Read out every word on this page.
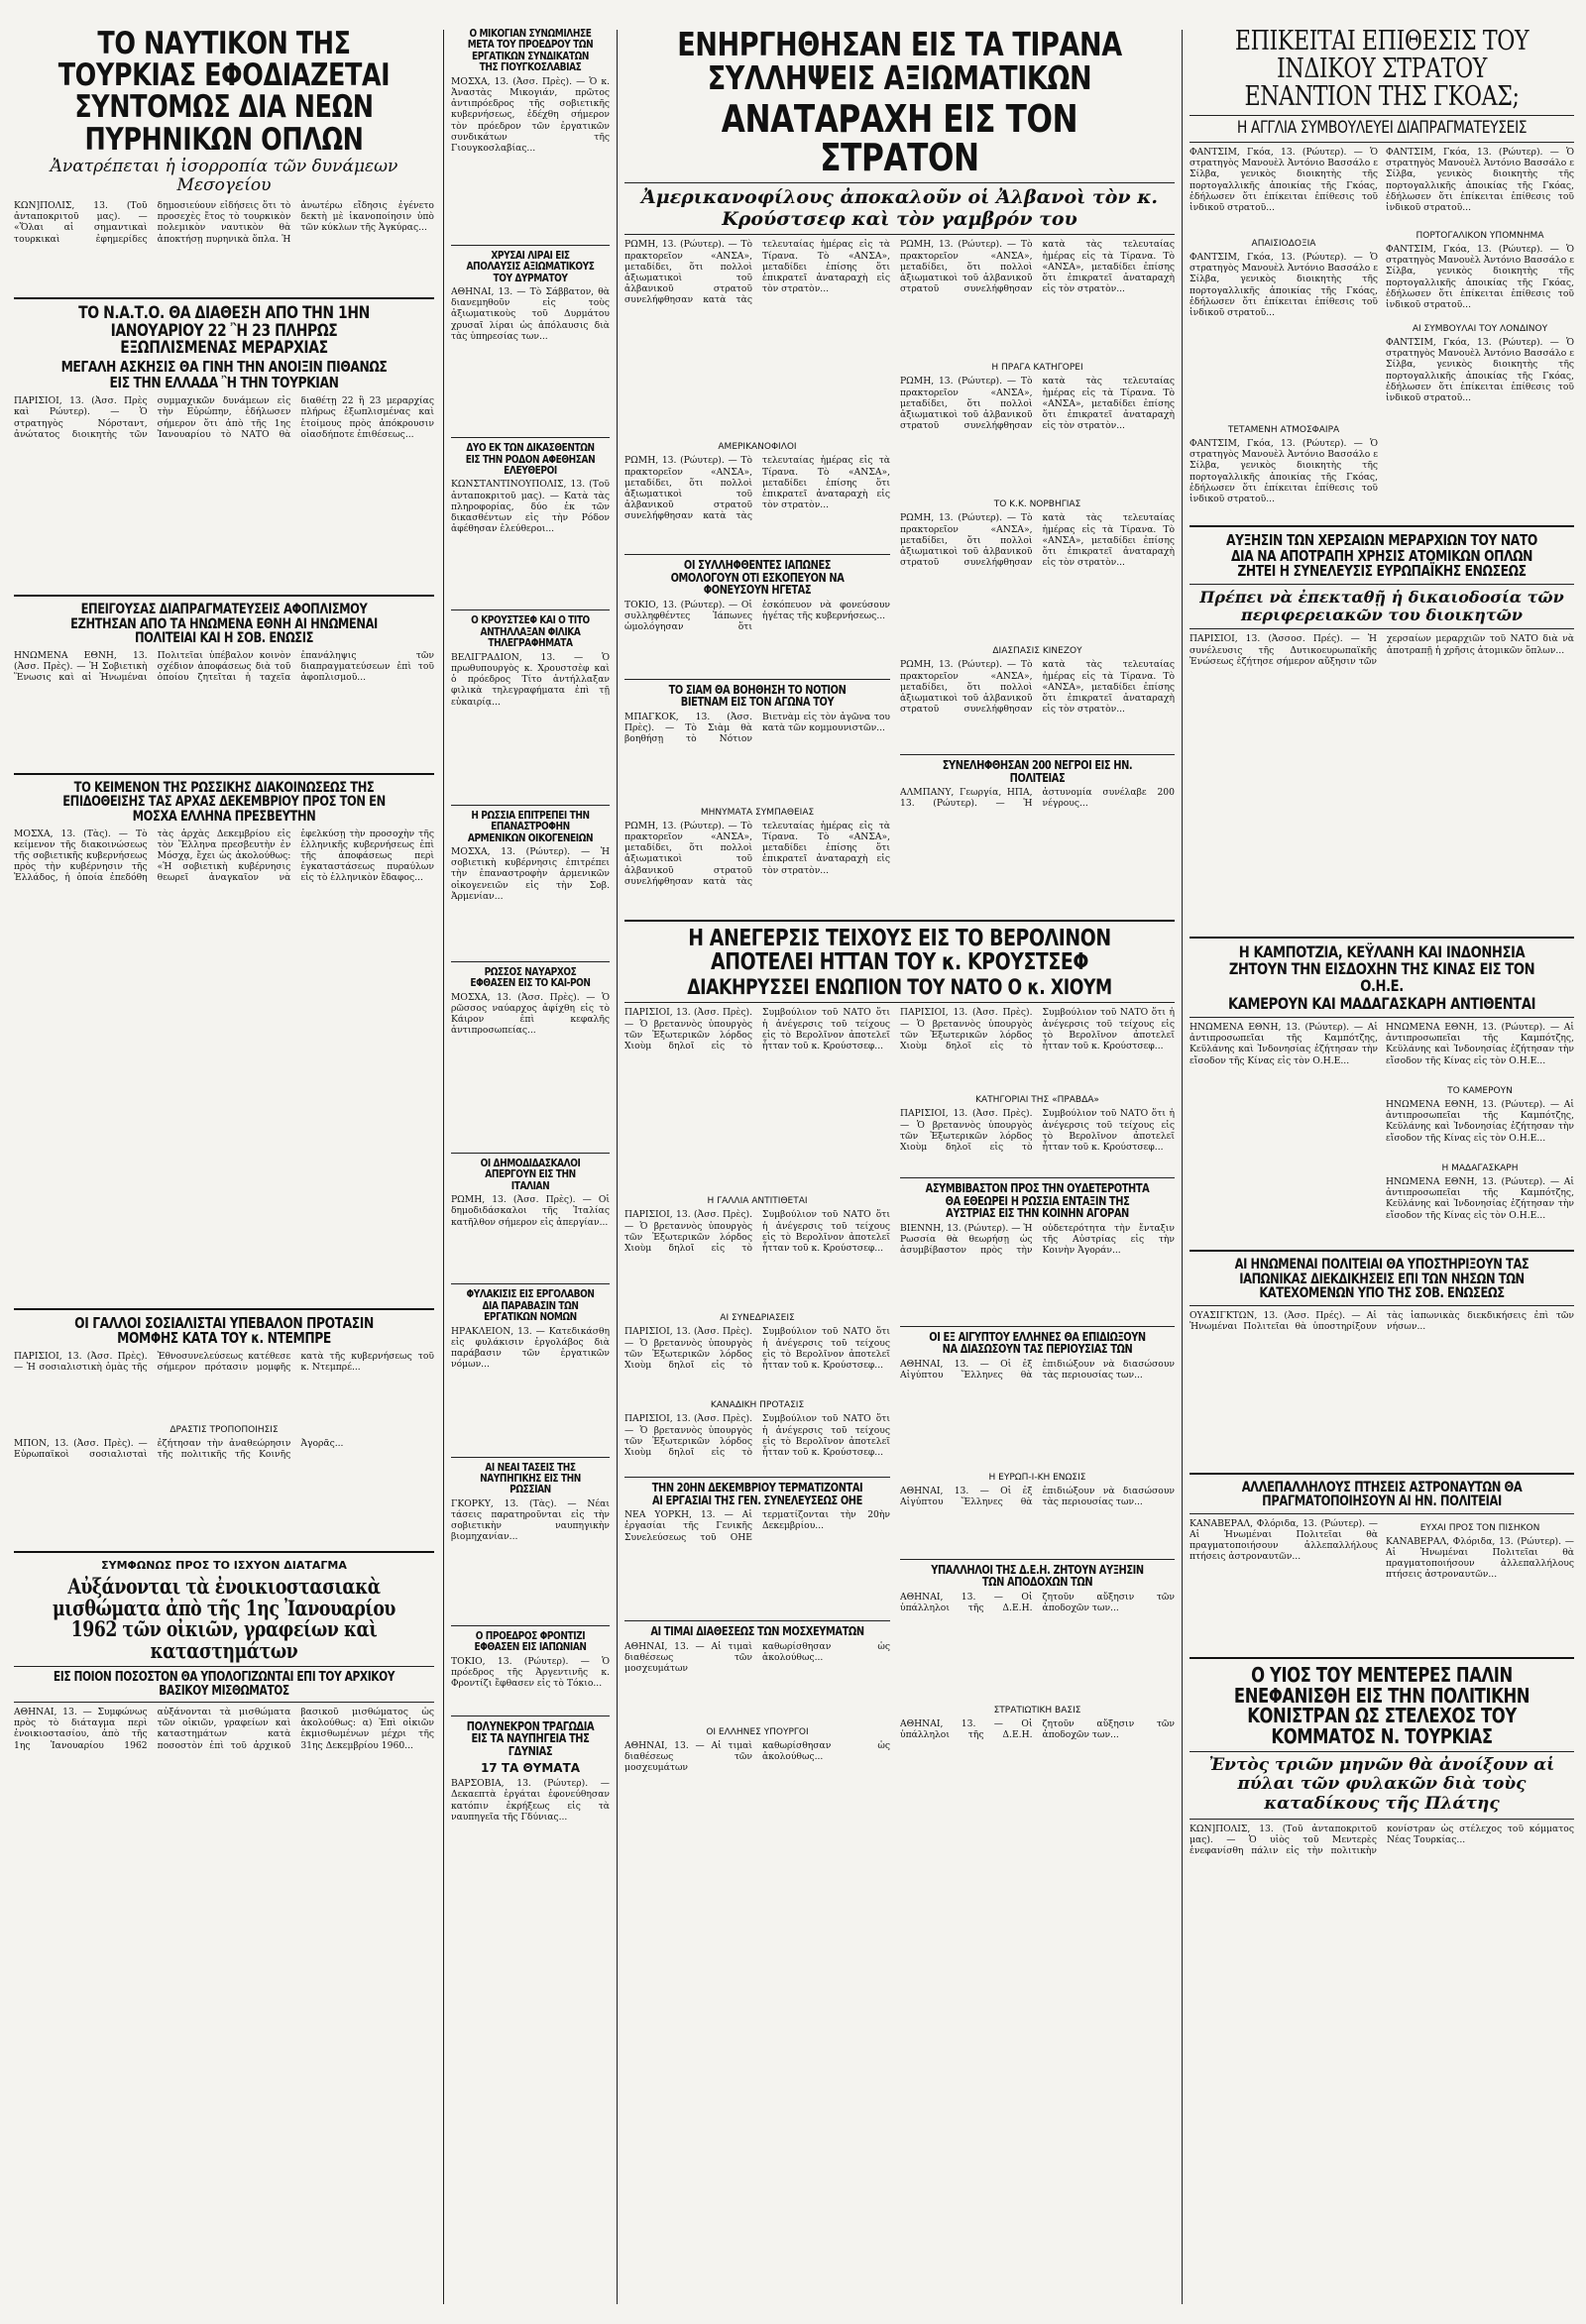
ΤΟ ΝΑΥΤΙΚΟΝ ΤΗΣ ΤΟΥΡΚΙΑΣ ΕΦΟΔΙΑΖΕΤΑΙ ΣΥΝΤΟΜΩΣ ΔΙΑ ΝΕΩΝ ΠΥΡΗΝΙΚΩΝ ΟΠΛΩΝ
Ἀνατρέπεται ἡ ἰσορροπία τῶν δυνάμεων Μεσογείου

ΚΩΝ]ΠΟΛΙΣ, 13. (Τοῦ ἀνταποκριτοῦ μας). — «Ὅλαι αἱ σημαντικαὶ τουρκικαὶ ἐφημερίδες δημοσιεύουν εἰδήσεις ὅτι τὸ προσεχὲς ἔτος τὸ τουρκικὸν πολεμικὸν ναυτικὸν θὰ ἀποκτήσῃ πυρηνικὰ ὅπλα. Ἡ ἀνωτέρω εἴδησις ἐγένετο δεκτὴ μὲ ἱκανοποίησιν ὑπὸ τῶν κύκλων τῆς Ἀγκύρας...

ΤΟ Ν.Α.Τ.Ο. ΘΑ ΔΙΑΘΕΣΗ ΑΠΟ ΤΗΝ 1ΗΝ ΙΑΝΟΥΑΡΙΟΥ 22 Ἢ 23 ΠΛΗΡΩΣ ΕΞΩΠΛΙΣΜΕΝΑΣ ΜΕΡΑΡΧΙΑΣ
ΜΕΓΑΛΗ ΑΣΚΗΣΙΣ ΘΑ ΓΙΝΗ ΤΗΝ ΑΝΟΙΞΙΝ ΠΙΘΑΝΩΣ ΕΙΣ ΤΗΝ ΕΛΛΑΔΑ Ἢ ΤΗΝ ΤΟΥΡΚΙΑΝ

ΠΑΡΙΣΙΟΙ, 13. (Ἀσσ. Πρὲς καὶ Ρώυτερ). — Ὁ στρατηγὸς Νόρσταντ, ἀνώτατος διοικητὴς τῶν συμμαχικῶν δυνάμεων εἰς τὴν Εὐρώπην, ἐδήλωσεν σήμερον ὅτι ἀπὸ τῆς 1ης Ἰανουαρίου τὸ ΝΑΤΟ θὰ διαθέτῃ 22 ἢ 23 μεραρχίας πλήρως ἐξωπλισμένας καὶ ἑτοίμους πρὸς ἀπόκρουσιν οἱασδήποτε ἐπιθέσεως...

ΕΠΕΙΓΟΥΣΑΣ ΔΙΑΠΡΑΓΜΑΤΕΥΣΕΙΣ ΑΦΟΠΛΙΣΜΟΥ ΕΖΗΤΗΣΑΝ ΑΠΟ ΤΑ ΗΝΩΜΕΝΑ ΕΘΝΗ ΑΙ ΗΝΩΜΕΝΑΙ ΠΟΛΙΤΕΙΑΙ ΚΑΙ Η ΣΟΒ. ΕΝΩΣΙΣ

ΗΝΩΜΕΝΑ ΕΘΝΗ, 13. (Ἀσσ. Πρὲς). — Ἡ Σοβιετικὴ Ἕνωσις καὶ αἱ Ἡνωμέναι Πολιτεῖαι ὑπέβαλον κοινὸν σχέδιον ἀποφάσεως διὰ τοῦ ὁποίου ζητεῖται ἡ ταχεῖα ἐπανάληψις τῶν διαπραγματεύσεων ἐπὶ τοῦ ἀφοπλισμοῦ...

ΤΟ ΚΕΙΜΕΝΟΝ ΤΗΣ ΡΩΣΣΙΚΗΣ ΔΙΑΚΟΙΝΩΣΕΩΣ ΤΗΣ ΕΠΙΔΟΘΕΙΣΗΣ ΤΑΣ ΑΡΧΑΣ ΔΕΚΕΜΒΡΙΟΥ ΠΡΟΣ ΤΟΝ ΕΝ ΜΟΣΧΑ ΕΛΛΗΝΑ ΠΡΕΣΒΕΥΤΗΝ

ΜΟΣΧΑ, 13. (Τὰς). — Τὸ κείμενον τῆς διακοινώσεως τῆς σοβιετικῆς κυβερνήσεως πρὸς τὴν κυβέρνησιν τῆς Ἑλλάδος, ἡ ὁποία ἐπεδόθη τὰς ἀρχὰς Δεκεμβρίου εἰς τὸν Ἕλληνα πρεσβευτὴν ἐν Μόσχᾳ, ἔχει ὡς ἀκολούθως: «Ἡ σοβιετικὴ κυβέρνησις θεωρεῖ ἀναγκαῖον νὰ ἐφελκύσῃ τὴν προσοχὴν τῆς ἑλληνικῆς κυβερνήσεως ἐπὶ τῆς ἀποφάσεως περὶ ἐγκαταστάσεως πυραύλων εἰς τὸ ἑλληνικὸν ἔδαφος...

ΟΙ ΓΑΛΛΟΙ ΣΟΣΙΑΛΙΣΤΑΙ ΥΠΕΒΑΛΟΝ ΠΡΟΤΑΣΙΝ ΜΟΜΦΗΣ ΚΑΤΑ ΤΟΥ κ. ΝΤΕΜΠΡΕ

ΠΑΡΙΣΙΟΙ, 13. (Ἀσσ. Πρὲς). — Ἡ σοσιαλιστικὴ ὁμὰς τῆς Ἐθνοσυνελεύσεως κατέθεσε σήμερον πρότασιν μομφῆς κατὰ τῆς κυβερνήσεως τοῦ κ. Ντεμπρέ...

ΔΡΑΣΤΙΣ ΤΡΟΠΟΠΟΙΗΣΙΣ

ΜΠΟΝ, 13. (Ἀσσ. Πρὲς). — Εὐρωπαϊκοὶ σοσιαλισταὶ ἐζήτησαν τὴν ἀναθεώρησιν τῆς πολιτικῆς τῆς Κοινῆς Ἀγορᾶς...

ΣΥΜΦΩΝΩΣ ΠΡΟΣ ΤΟ ΙΣΧΥΟΝ ΔΙΑΤΑΓΜΑ
Αὐξάνονται τὰ ἐνοικιοστασιακὰ μισθώματα ἀπὸ τῆς 1ης Ἰανουαρίου 1962 τῶν οἰκιῶν, γραφείων καὶ καταστημάτων
ΕΙΣ ΠΟΙΟΝ ΠΟΣΟΣΤΟΝ ΘΑ ΥΠΟΛΟΓΙΖΩΝΤΑΙ ΕΠΙ ΤΟΥ ΑΡΧΙΚΟΥ ΒΑΣΙΚΟΥ ΜΙΣΘΩΜΑΤΟΣ

ΑΘΗΝΑΙ, 13. — Συμφώνως πρὸς τὸ διάταγμα περὶ ἐνοικιοστασίου, ἀπὸ τῆς 1ης Ἰανουαρίου 1962 αὐξάνονται τὰ μισθώματα τῶν οἰκιῶν, γραφείων καὶ καταστημάτων κατὰ ποσοστὸν ἐπὶ τοῦ ἀρχικοῦ βασικοῦ μισθώματος ὡς ἀκολούθως: α) Ἐπὶ οἰκιῶν ἐκμισθωμένων μέχρι τῆς 31ης Δεκεμβρίου 1960...

Ο ΜΙΚΟΓΙΑΝ ΣΥΝΩΜΙΛΗΣΕ ΜΕΤΑ ΤΟΥ ΠΡΟΕΔΡΟΥ ΤΩΝ ΕΡΓΑΤΙΚΩΝ ΣΥΝΔΙΚΑΤΩΝ ΤΗΣ ΓΙΟΥΓΚΟΣΛΑΒΙΑΣ

ΜΟΣΧΑ, 13. (Ἀσσ. Πρὲς). — Ὁ κ. Ἀναστὰς Μικογιάν, πρῶτος ἀντιπρόεδρος τῆς σοβιετικῆς κυβερνήσεως, ἐδέχθη σήμερον τὸν πρόεδρον τῶν ἐργατικῶν συνδικάτων τῆς Γιουγκοσλαβίας...

ΧΡΥΣΑΙ ΛΙΡΑΙ ΕΙΣ ΑΠΟΛΑΥΣΙΣ ΑΞΙΩΜΑΤΙΚΟΥΣ ΤΟΥ ΔΥΡΜΑΤΟΥ

ΑΘΗΝΑΙ, 13. — Τὸ Σάββατον, θὰ διανεμηθοῦν εἰς τοὺς ἀξιωματικοὺς τοῦ Δυρμάτου χρυσαῖ λίραι ὡς ἀπόλαυσις διὰ τὰς ὑπηρεσίας των...

ΔΥΟ ΕΚ ΤΩΝ ΔΙΚΑΣΘΕΝΤΩΝ ΕΙΣ ΤΗΝ ΡΟΔΟΝ ΑΦΕΘΗΣΑΝ ΕΛΕΥΘΕΡΟΙ

ΚΩΝΣΤΑΝΤΙΝΟΥΠΟΛΙΣ, 13. (Τοῦ ἀνταποκριτοῦ μας). — Κατὰ τὰς πληροφορίας, δύο ἐκ τῶν δικασθέντων εἰς τὴν Ρόδον ἀφέθησαν ἐλεύθεροι...

Ο ΚΡΟΥΣΤΣΕΦ ΚΑΙ Ο ΤΙΤΟ ΑΝΤΗΛΛΑΞΑΝ ΦΙΛΙΚΑ ΤΗΛΕΓΡΑΦΗΜΑΤΑ

ΒΕΛΙΓΡΑΔΙΟΝ, 13. — Ὁ πρωθυπουργὸς κ. Χρουστσὲφ καὶ ὁ πρόεδρος Τίτο ἀντήλλαξαν φιλικὰ τηλεγραφήματα ἐπὶ τῇ εὐκαιρίᾳ...

Η ΡΩΣΣΙΑ ΕΠΙΤΡΕΠΕΙ ΤΗΝ ΕΠΑΝΑΣΤΡΟΦΗΝ ΑΡΜΕΝΙΚΩΝ ΟΙΚΟΓΕΝΕΙΩΝ

ΜΟΣΧΑ, 13. (Ρώυτερ). — Ἡ σοβιετικὴ κυβέρνησις ἐπιτρέπει τὴν ἐπαναστροφὴν ἀρμενικῶν οἰκογενειῶν εἰς τὴν Σοβ. Ἀρμενίαν...

ΡΩΣΣΟΣ ΝΑΥΑΡΧΟΣ ΕΦΘΑΣΕΝ ΕΙΣ ΤΟ ΚΑΙ-ΡΟΝ

ΜΟΣΧΑ, 13. (Ἀσσ. Πρὲς). — Ὁ ρῶσσος ναύαρχος ἀφίχθη εἰς τὸ Κάιρον ἐπὶ κεφαλῆς ἀντιπροσωπείας...

ΟΙ ΔΗΜΟΔΙΔΑΣΚΑΛΟΙ ΑΠΕΡΓΟΥΝ ΕΙΣ ΤΗΝ ΙΤΑΛΙΑΝ

ΡΩΜΗ, 13. (Ἀσσ. Πρὲς). — Οἱ δημοδιδάσκαλοι τῆς Ἰταλίας κατῆλθον σήμερον εἰς ἀπεργίαν...

ΦΥΛΑΚΙΣΙΣ ΕΙΣ ΕΡΓΟΛΑΒΟΝ ΔΙΑ ΠΑΡΑΒΑΣΙΝ ΤΩΝ ΕΡΓΑΤΙΚΩΝ ΝΟΜΩΝ

ΗΡΑΚΛΕΙΟΝ, 13. — Κατεδικάσθη εἰς φυλάκισιν ἐργολάβος διὰ παράβασιν τῶν ἐργατικῶν νόμων...

ΑΙ ΝΕΑΙ ΤΑΣΕΙΣ ΤΗΣ ΝΑΥΠΗΓΙΚΗΣ ΕΙΣ ΤΗΝ ΡΩΣΣΙΑΝ

ΓΚΟΡΚΥ, 13. (Τὰς). — Νέαι τάσεις παρατηροῦνται εἰς τὴν σοβιετικὴν ναυπηγικὴν βιομηχανίαν...

Ο ΠΡΟΕΔΡΟΣ ΦΡΟΝΤΙΖΙ ΕΦΘΑΣΕΝ ΕΙΣ ΙΑΠΩΝΙΑΝ

ΤΟΚΙΟ, 13. (Ρώυτερ). — Ὁ πρόεδρος τῆς Ἀργεντινῆς κ. Φροντίζι ἔφθασεν εἰς τὸ Τόκιο...

ΠΟΛΥΝΕΚΡΟΝ ΤΡΑΓΩΔΙΑ ΕΙΣ ΤΑ ΝΑΥΠΗΓΕΙΑ ΤΗΣ ΓΔΥΝΙΑΣ
17 ΤΑ ΘΥΜΑΤΑ

ΒΑΡΣΟΒΙΑ, 13. (Ρώυτερ). — Δεκαεπτὰ ἐργάται ἐφονεύθησαν κατόπιν ἐκρήξεως εἰς τὰ ναυπηγεῖα τῆς Γδύνιας...

ΕΝΗΡΓΗΘΗΣΑΝ ΕΙΣ ΤΑ ΤΙΡΑΝΑ ΣΥΛΛΗΨΕΙΣ ΑΞΙΩΜΑΤΙΚΩΝ
ΑΝΑΤΑΡΑΧΗ ΕΙΣ ΤΟΝ ΣΤΡΑΤΟΝ
Ἀμερικανοφίλους ἀποκαλοῦν οἱ Ἀλβανοὶ τὸν κ. Κρούστσεφ καὶ τὸν γαμβρόν του

ΡΩΜΗ, 13. (Ρώυτερ). — Τὸ πρακτορεῖον «ΑΝΣΑ», μεταδίδει, ὅτι πολλοὶ ἀξιωματικοὶ τοῦ ἀλβανικοῦ στρατοῦ συνελήφθησαν κατὰ τὰς τελευταίας ἡμέρας εἰς τὰ Τίρανα. Τὸ «ΑΝΣΑ», μεταδίδει ἐπίσης ὅτι ἐπικρατεῖ ἀναταραχὴ εἰς τὸν στρατὸν...

ΑΜΕΡΙΚΑΝΟΦΙΛΟΙ

ΡΩΜΗ, 13. (Ρώυτερ). — Τὸ πρακτορεῖον «ΑΝΣΑ», μεταδίδει, ὅτι πολλοὶ ἀξιωματικοὶ τοῦ ἀλβανικοῦ στρατοῦ συνελήφθησαν κατὰ τὰς τελευταίας ἡμέρας εἰς τὰ Τίρανα. Τὸ «ΑΝΣΑ», μεταδίδει ἐπίσης ὅτι ἐπικρατεῖ ἀναταραχὴ εἰς τὸν στρατὸν...

ΟΙ ΣΥΛΛΗΦΘΕΝΤΕΣ ΙΑΠΩΝΕΣ ΟΜΟΛΟΓΟΥΝ ΟΤΙ ΕΣΚΟΠΕΥΟΝ ΝΑ ΦΟΝΕΥΣΟΥΝ ΗΓΕΤΑΣ

ΤΟΚΙΟ, 13. (Ρώυτερ). — Οἱ συλληφθέντες Ἰάπωνες ὡμολόγησαν ὅτι ἐσκόπευον νὰ φονεύσουν ἡγέτας τῆς κυβερνήσεως...

ΤΟ ΣΙΑΜ ΘΑ ΒΟΗΘΗΣΗ ΤΟ ΝΟΤΙΟΝ ΒΙΕΤΝΑΜ ΕΙΣ ΤΟΝ ΑΓΩΝΑ ΤΟΥ

ΜΠΑΓΚΟΚ, 13. (Ἀσσ. Πρὲς). — Τὸ Σιὰμ θὰ βοηθήσῃ τὸ Νότιον Βιετνὰμ εἰς τὸν ἀγῶνα του κατὰ τῶν κομμουνιστῶν...

ΜΗΝΥΜΑΤΑ ΣΥΜΠΑΘΕΙΑΣ

ΡΩΜΗ, 13. (Ρώυτερ). — Τὸ πρακτορεῖον «ΑΝΣΑ», μεταδίδει, ὅτι πολλοὶ ἀξιωματικοὶ τοῦ ἀλβανικοῦ στρατοῦ συνελήφθησαν κατὰ τὰς τελευταίας ἡμέρας εἰς τὰ Τίρανα. Τὸ «ΑΝΣΑ», μεταδίδει ἐπίσης ὅτι ἐπικρατεῖ ἀναταραχὴ εἰς τὸν στρατὸν...

ΡΩΜΗ, 13. (Ρώυτερ). — Τὸ πρακτορεῖον «ΑΝΣΑ», μεταδίδει, ὅτι πολλοὶ ἀξιωματικοὶ τοῦ ἀλβανικοῦ στρατοῦ συνελήφθησαν κατὰ τὰς τελευταίας ἡμέρας εἰς τὰ Τίρανα. Τὸ «ΑΝΣΑ», μεταδίδει ἐπίσης ὅτι ἐπικρατεῖ ἀναταραχὴ εἰς τὸν στρατὸν...

Η ΠΡΑΓΑ ΚΑΤΗΓΟΡΕΙ

ΡΩΜΗ, 13. (Ρώυτερ). — Τὸ πρακτορεῖον «ΑΝΣΑ», μεταδίδει, ὅτι πολλοὶ ἀξιωματικοὶ τοῦ ἀλβανικοῦ στρατοῦ συνελήφθησαν κατὰ τὰς τελευταίας ἡμέρας εἰς τὰ Τίρανα. Τὸ «ΑΝΣΑ», μεταδίδει ἐπίσης ὅτι ἐπικρατεῖ ἀναταραχὴ εἰς τὸν στρατὸν...

ΤΟ Κ.Κ. ΝΟΡΒΗΓΙΑΣ

ΡΩΜΗ, 13. (Ρώυτερ). — Τὸ πρακτορεῖον «ΑΝΣΑ», μεταδίδει, ὅτι πολλοὶ ἀξιωματικοὶ τοῦ ἀλβανικοῦ στρατοῦ συνελήφθησαν κατὰ τὰς τελευταίας ἡμέρας εἰς τὰ Τίρανα. Τὸ «ΑΝΣΑ», μεταδίδει ἐπίσης ὅτι ἐπικρατεῖ ἀναταραχὴ εἰς τὸν στρατὸν...

ΔΙΑΣΠΑΣΙΣ ΚΙΝΕΖΟΥ

ΡΩΜΗ, 13. (Ρώυτερ). — Τὸ πρακτορεῖον «ΑΝΣΑ», μεταδίδει, ὅτι πολλοὶ ἀξιωματικοὶ τοῦ ἀλβανικοῦ στρατοῦ συνελήφθησαν κατὰ τὰς τελευταίας ἡμέρας εἰς τὰ Τίρανα. Τὸ «ΑΝΣΑ», μεταδίδει ἐπίσης ὅτι ἐπικρατεῖ ἀναταραχὴ εἰς τὸν στρατὸν...

ΣΥΝΕΛΗΦΘΗΣΑΝ 200 ΝΕΓΡΟΙ ΕΙΣ ΗΝ. ΠΟΛΙΤΕΙΑΣ

ΑΛΜΠΑΝΥ, Γεωργία, ΗΠΑ, 13. (Ρώυτερ). — Ἡ ἀστυνομία συνέλαβε 200 νέγρους...

Η ΑΝΕΓΕΡΣΙΣ ΤΕΙΧΟΥΣ ΕΙΣ ΤΟ ΒΕΡΟΛΙΝΟΝ ΑΠΟΤΕΛΕΙ ΗΤΤΑΝ ΤΟΥ κ. ΚΡΟΥΣΤΣΕΦ
ΔΙΑΚΗΡΥΣΣΕΙ ΕΝΩΠΙΟΝ ΤΟΥ ΝΑΤΟ Ο κ. ΧΙΟΥΜ

ΠΑΡΙΣΙΟΙ, 13. (Ἀσσ. Πρὲς). — Ὁ βρεταννὸς ὑπουργὸς τῶν Ἐξωτερικῶν λόρδος Χιοὺμ δηλοῖ εἰς τὸ Συμβούλιον τοῦ ΝΑΤΟ ὅτι ἡ ἀνέγερσις τοῦ τείχους εἰς τὸ Βερολῖνον ἀποτελεῖ ἧτταν τοῦ κ. Κρούστσεφ...

Η ΓΑΛΛΙΑ ΑΝΤΙΤΙΘΕΤΑΙ

ΠΑΡΙΣΙΟΙ, 13. (Ἀσσ. Πρὲς). — Ὁ βρεταννὸς ὑπουργὸς τῶν Ἐξωτερικῶν λόρδος Χιοὺμ δηλοῖ εἰς τὸ Συμβούλιον τοῦ ΝΑΤΟ ὅτι ἡ ἀνέγερσις τοῦ τείχους εἰς τὸ Βερολῖνον ἀποτελεῖ ἧτταν τοῦ κ. Κρούστσεφ...

ΑΙ ΣΥΝΕΔΡΙΑΣΕΙΣ

ΠΑΡΙΣΙΟΙ, 13. (Ἀσσ. Πρὲς). — Ὁ βρεταννὸς ὑπουργὸς τῶν Ἐξωτερικῶν λόρδος Χιοὺμ δηλοῖ εἰς τὸ Συμβούλιον τοῦ ΝΑΤΟ ὅτι ἡ ἀνέγερσις τοῦ τείχους εἰς τὸ Βερολῖνον ἀποτελεῖ ἧτταν τοῦ κ. Κρούστσεφ...

ΚΑΝΑΔΙΚΗ ΠΡΟΤΑΣΙΣ

ΠΑΡΙΣΙΟΙ, 13. (Ἀσσ. Πρὲς). — Ὁ βρεταννὸς ὑπουργὸς τῶν Ἐξωτερικῶν λόρδος Χιοὺμ δηλοῖ εἰς τὸ Συμβούλιον τοῦ ΝΑΤΟ ὅτι ἡ ἀνέγερσις τοῦ τείχους εἰς τὸ Βερολῖνον ἀποτελεῖ ἧτταν τοῦ κ. Κρούστσεφ...

ΤΗΝ 20ΗΝ ΔΕΚΕΜΒΡΙΟΥ ΤΕΡΜΑΤΙΖΟΝΤΑΙ ΑΙ ΕΡΓΑΣΙΑΙ ΤΗΣ ΓΕΝ. ΣΥΝΕΛΕΥΣΕΩΣ ΟΗΕ

ΝΕΑ ΥΟΡΚΗ, 13. — Αἱ ἐργασίαι τῆς Γενικῆς Συνελεύσεως τοῦ ΟΗΕ τερματίζονται τὴν 20ὴν Δεκεμβρίου...

ΑΙ ΤΙΜΑΙ ΔΙΑΘΕΣΕΩΣ ΤΩΝ ΜΟΣΧΕΥΜΑΤΩΝ

ΑΘΗΝΑΙ, 13. — Αἱ τιμαὶ διαθέσεως τῶν μοσχευμάτων καθωρίσθησαν ὡς ἀκολούθως...

ΟΙ ΕΛΛΗΝΕΣ ΥΠΟΥΡΓΟΙ

ΑΘΗΝΑΙ, 13. — Αἱ τιμαὶ διαθέσεως τῶν μοσχευμάτων καθωρίσθησαν ὡς ἀκολούθως...

ΠΑΡΙΣΙΟΙ, 13. (Ἀσσ. Πρὲς). — Ὁ βρεταννὸς ὑπουργὸς τῶν Ἐξωτερικῶν λόρδος Χιοὺμ δηλοῖ εἰς τὸ Συμβούλιον τοῦ ΝΑΤΟ ὅτι ἡ ἀνέγερσις τοῦ τείχους εἰς τὸ Βερολῖνον ἀποτελεῖ ἧτταν τοῦ κ. Κρούστσεφ...

ΚΑΤΗΓΟΡΙΑΙ ΤΗΣ «ΠΡΑΒΔΑ»

ΠΑΡΙΣΙΟΙ, 13. (Ἀσσ. Πρὲς). — Ὁ βρεταννὸς ὑπουργὸς τῶν Ἐξωτερικῶν λόρδος Χιοὺμ δηλοῖ εἰς τὸ Συμβούλιον τοῦ ΝΑΤΟ ὅτι ἡ ἀνέγερσις τοῦ τείχους εἰς τὸ Βερολῖνον ἀποτελεῖ ἧτταν τοῦ κ. Κρούστσεφ...

ΑΣΥΜΒΙΒΑΣΤΟΝ ΠΡΟΣ ΤΗΝ ΟΥΔΕΤΕΡΟΤΗΤΑ ΘΑ ΕΘΕΩΡΕΙ Η ΡΩΣΣΙΑ ΕΝΤΑΞΙΝ ΤΗΣ ΑΥΣΤΡΙΑΣ ΕΙΣ ΤΗΝ ΚΟΙΝΗΝ ΑΓΟΡΑΝ

ΒΙΕΝΝΗ, 13. (Ρώυτερ). — Ἡ Ρωσσία θὰ θεωρήσῃ ὡς ἀσυμβίβαστον πρὸς τὴν οὐδετερότητα τὴν ἔνταξιν τῆς Αὐστρίας εἰς τὴν Κοινὴν Ἀγοράν...

ΟΙ ΕΞ ΑΙΓΥΠΤΟΥ ΕΛΛΗΝΕΣ ΘΑ ΕΠΙΔΙΩΞΟΥΝ ΝΑ ΔΙΑΣΩΣΟΥΝ ΤΑΣ ΠΕΡΙΟΥΣΙΑΣ ΤΩΝ

ΑΘΗΝΑΙ, 13. — Οἱ ἐξ Αἰγύπτου Ἕλληνες θὰ ἐπιδιώξουν νὰ διασώσουν τὰς περιουσίας των...

Η ΕΥΡΩΠ-Ι-ΚΗ ΕΝΩΣΙΣ

ΑΘΗΝΑΙ, 13. — Οἱ ἐξ Αἰγύπτου Ἕλληνες θὰ ἐπιδιώξουν νὰ διασώσουν τὰς περιουσίας των...

ΥΠΑΛΛΗΛΟΙ ΤΗΣ Δ.Ε.Η. ΖΗΤΟΥΝ ΑΥΞΗΣΙΝ ΤΩΝ ΑΠΟΔΟΧΩΝ ΤΩΝ

ΑΘΗΝΑΙ, 13. — Οἱ ὑπάλληλοι τῆς Δ.Ε.Η. ζητοῦν αὔξησιν τῶν ἀποδοχῶν των...

ΣΤΡΑΤΙΩΤΙΚΗ ΒΑΣΙΣ

ΑΘΗΝΑΙ, 13. — Οἱ ὑπάλληλοι τῆς Δ.Ε.Η. ζητοῦν αὔξησιν τῶν ἀποδοχῶν των...

ΕΠΙΚΕΙΤΑΙ ΕΠΙΘΕΣΙΣ ΤΟΥ ΙΝΔΙΚΟΥ ΣΤΡΑΤΟΥ ΕΝΑΝΤΙΟΝ ΤΗΣ ΓΚΟΑΣ;
Η ΑΓΓΛΙΑ ΣΥΜΒΟΥΛΕΥΕΙ ΔΙΑΠΡΑΓΜΑΤΕΥΣΕΙΣ

ΦΑΝΤΣΙΜ, Γκόα, 13. (Ρώυτερ). — Ὁ στρατηγὸς Μανουὲλ Ἀντόνιο Βασσάλο ε Σίλβα, γενικὸς διοικητὴς τῆς πορτογαλλικῆς ἀποικίας τῆς Γκόας, ἐδήλωσεν ὅτι ἐπίκειται ἐπίθεσις τοῦ ἰνδικοῦ στρατοῦ...

ΑΠΑΙΣΙΟΔΟΞΙΑ

ΦΑΝΤΣΙΜ, Γκόα, 13. (Ρώυτερ). — Ὁ στρατηγὸς Μανουὲλ Ἀντόνιο Βασσάλο ε Σίλβα, γενικὸς διοικητὴς τῆς πορτογαλλικῆς ἀποικίας τῆς Γκόας, ἐδήλωσεν ὅτι ἐπίκειται ἐπίθεσις τοῦ ἰνδικοῦ στρατοῦ...

ΤΕΤΑΜΕΝΗ ΑΤΜΟΣΦΑΙΡΑ

ΦΑΝΤΣΙΜ, Γκόα, 13. (Ρώυτερ). — Ὁ στρατηγὸς Μανουὲλ Ἀντόνιο Βασσάλο ε Σίλβα, γενικὸς διοικητὴς τῆς πορτογαλλικῆς ἀποικίας τῆς Γκόας, ἐδήλωσεν ὅτι ἐπίκειται ἐπίθεσις τοῦ ἰνδικοῦ στρατοῦ...

ΦΑΝΤΣΙΜ, Γκόα, 13. (Ρώυτερ). — Ὁ στρατηγὸς Μανουὲλ Ἀντόνιο Βασσάλο ε Σίλβα, γενικὸς διοικητὴς τῆς πορτογαλλικῆς ἀποικίας τῆς Γκόας, ἐδήλωσεν ὅτι ἐπίκειται ἐπίθεσις τοῦ ἰνδικοῦ στρατοῦ...

ΠΟΡΤΟΓΑΛΙΚΟΝ ΥΠΟΜΝΗΜΑ

ΦΑΝΤΣΙΜ, Γκόα, 13. (Ρώυτερ). — Ὁ στρατηγὸς Μανουὲλ Ἀντόνιο Βασσάλο ε Σίλβα, γενικὸς διοικητὴς τῆς πορτογαλλικῆς ἀποικίας τῆς Γκόας, ἐδήλωσεν ὅτι ἐπίκειται ἐπίθεσις τοῦ ἰνδικοῦ στρατοῦ...

ΑΙ ΣΥΜΒΟΥΛΑΙ ΤΟΥ ΛΟΝΔΙΝΟΥ

ΦΑΝΤΣΙΜ, Γκόα, 13. (Ρώυτερ). — Ὁ στρατηγὸς Μανουὲλ Ἀντόνιο Βασσάλο ε Σίλβα, γενικὸς διοικητὴς τῆς πορτογαλλικῆς ἀποικίας τῆς Γκόας, ἐδήλωσεν ὅτι ἐπίκειται ἐπίθεσις τοῦ ἰνδικοῦ στρατοῦ...

ΑΥΞΗΣΙΝ ΤΩΝ ΧΕΡΣΑΙΩΝ ΜΕΡΑΡΧΙΩΝ ΤΟΥ ΝΑΤΟ ΔΙΑ ΝΑ ΑΠΟΤΡΑΠΗ ΧΡΗΣΙΣ ΑΤΟΜΙΚΩΝ ΟΠΛΩΝ ΖΗΤΕΙ Η ΣΥΝΕΛΕΥΣΙΣ ΕΥΡΩΠΑΪΚΗΣ ΕΝΩΣΕΩΣ
Πρέπει νὰ ἐπεκταθῇ ἡ δικαιοδοσία τῶν περιφερειακῶν του διοικητῶν

ΠΑΡΙΣΙΟΙ, 13. (Ἀσσοσ. Πρές). — Ἡ συνέλευσις τῆς Δυτικοευρωπαϊκῆς Ἑνώσεως ἐζήτησε σήμερον αὔξησιν τῶν χερσαίων μεραρχιῶν τοῦ ΝΑΤΟ διὰ νὰ ἀποτραπῇ ἡ χρῆσις ἀτομικῶν ὅπλων...

Η ΚΑΜΠΟΤΖΙΑ, ΚΕΫΛΑΝΗ ΚΑΙ ΙΝΔΟΝΗΣΙΑ ΖΗΤΟΥΝ ΤΗΝ ΕΙΣΔΟΧΗΝ ΤΗΣ ΚΙΝΑΣ ΕΙΣ ΤΟΝ Ο.Η.Ε.
ΚΑΜΕΡΟΥΝ ΚΑΙ ΜΑΔΑΓΑΣΚΑΡΗ ΑΝΤΙΘΕΝΤΑΙ

ΗΝΩΜΕΝΑ ΕΘΝΗ, 13. (Ρώυτερ). — Αἱ ἀντιπροσωπεῖαι τῆς Καμπότζης, Κεϋλάνης καὶ Ἰνδονησίας ἐζήτησαν τὴν εἴσοδον τῆς Κίνας εἰς τὸν Ο.Η.Ε...

ΗΝΩΜΕΝΑ ΕΘΝΗ, 13. (Ρώυτερ). — Αἱ ἀντιπροσωπεῖαι τῆς Καμπότζης, Κεϋλάνης καὶ Ἰνδονησίας ἐζήτησαν τὴν εἴσοδον τῆς Κίνας εἰς τὸν Ο.Η.Ε...

ΤΟ ΚΑΜΕΡΟΥΝ

ΗΝΩΜΕΝΑ ΕΘΝΗ, 13. (Ρώυτερ). — Αἱ ἀντιπροσωπεῖαι τῆς Καμπότζης, Κεϋλάνης καὶ Ἰνδονησίας ἐζήτησαν τὴν εἴσοδον τῆς Κίνας εἰς τὸν Ο.Η.Ε...

Η ΜΑΔΑΓΑΣΚΑΡΗ

ΗΝΩΜΕΝΑ ΕΘΝΗ, 13. (Ρώυτερ). — Αἱ ἀντιπροσωπεῖαι τῆς Καμπότζης, Κεϋλάνης καὶ Ἰνδονησίας ἐζήτησαν τὴν εἴσοδον τῆς Κίνας εἰς τὸν Ο.Η.Ε...

ΑΙ ΗΝΩΜΕΝΑΙ ΠΟΛΙΤΕΙΑΙ ΘΑ ΥΠΟΣΤΗΡΙΞΟΥΝ ΤΑΣ ΙΑΠΩΝΙΚΑΣ ΔΙΕΚΔΙΚΗΣΕΙΣ ΕΠΙ ΤΩΝ ΝΗΣΩΝ ΤΩΝ ΚΑΤΕΧΟΜΕΝΩΝ ΥΠΟ ΤΗΣ ΣΟΒ. ΕΝΩΣΕΩΣ

ΟΥΑΣΙΓΚΤΩΝ, 13. (Ἀσσ. Πρές). — Αἱ Ἡνωμέναι Πολιτεῖαι θὰ ὑποστηρίξουν τὰς ἰαπωνικὰς διεκδικήσεις ἐπὶ τῶν νήσων...

ΑΛΛΕΠΑΛΛΗΛΟΥΣ ΠΤΗΣΕΙΣ ΑΣΤΡΟΝΑΥΤΩΝ ΘΑ ΠΡΑΓΜΑΤΟΠΟΙΗΣΟΥΝ ΑΙ ΗΝ. ΠΟΛΙΤΕΙΑΙ

ΚΑΝΑΒΕΡΑΛ, Φλόριδα, 13. (Ρώυτερ). — Αἱ Ἡνωμέναι Πολιτεῖαι θὰ πραγματοποιήσουν ἀλλεπαλλήλους πτήσεις ἀστροναυτῶν...

ΕΥΧΑΙ ΠΡΟΣ ΤΟΝ ΠΙΣΗΚΟΝ

ΚΑΝΑΒΕΡΑΛ, Φλόριδα, 13. (Ρώυτερ). — Αἱ Ἡνωμέναι Πολιτεῖαι θὰ πραγματοποιήσουν ἀλλεπαλλήλους πτήσεις ἀστροναυτῶν...

Ο ΥΙΟΣ ΤΟΥ ΜΕΝΤΕΡΕΣ ΠΑΛΙΝ ΕΝΕΦΑΝΙΣΘΗ ΕΙΣ ΤΗΝ ΠΟΛΙΤΙΚΗΝ ΚΟΝΙΣΤΡΑΝ ΩΣ ΣΤΕΛΕΧΟΣ ΤΟΥ ΚΟΜΜΑΤΟΣ Ν. ΤΟΥΡΚΙΑΣ
Ἐντὸς τριῶν μηνῶν θὰ ἀνοίξουν αἱ πύλαι τῶν φυλακῶν διὰ τοὺς καταδίκους τῆς Πλάτης

ΚΩΝ]ΠΟΛΙΣ, 13. (Τοῦ ἀνταποκριτοῦ μας). — Ὁ υἱὸς τοῦ Μεντερὲς ἐνεφανίσθη πάλιν εἰς τὴν πολιτικὴν κονίστραν ὡς στέλεχος τοῦ κόμματος Νέας Τουρκίας...
